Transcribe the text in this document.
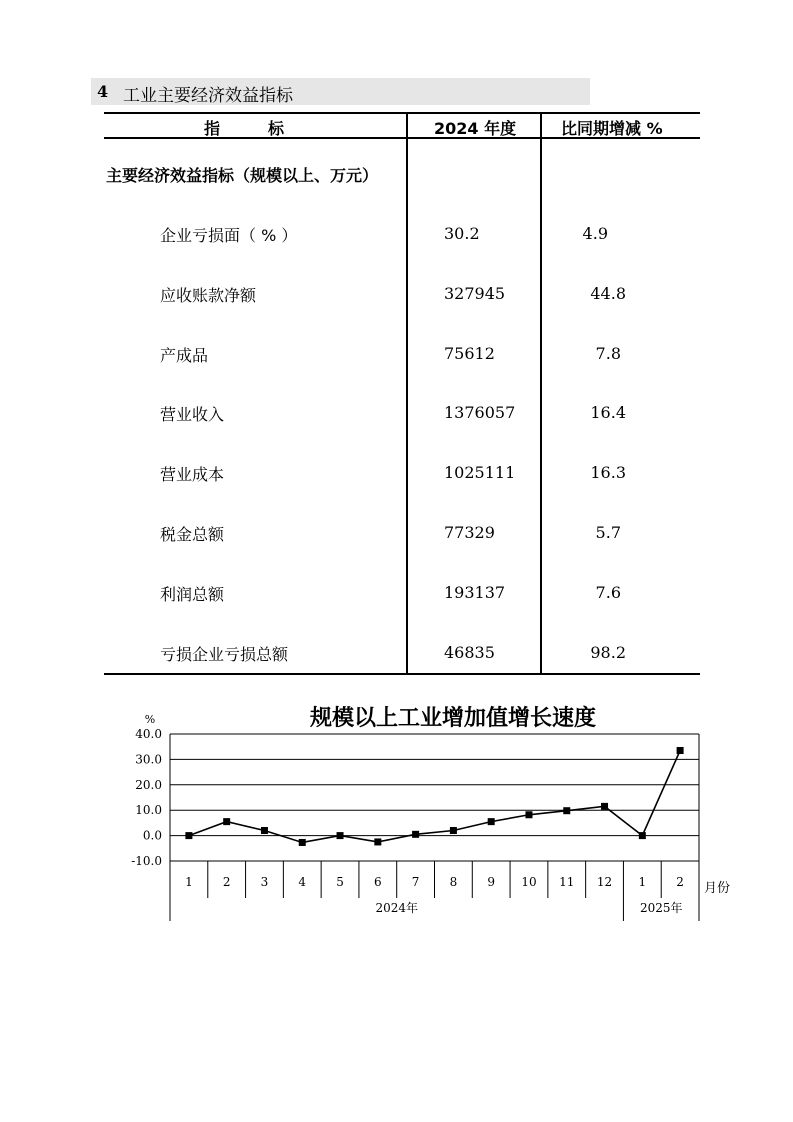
4 工业主要经济效益指标
指　　　标	2024 年度	比同期增减 %
主要经济效益指标（规模以上、万元）
企业亏损面（ % ）	30.2	4.9
应收账款净额	327945	44.8
产成品	75612	7.8
营业收入	1376057	16.4
营业成本	1025111	16.3
税金总额	77329	5.7
利润总额	193137	7.6
亏损企业亏损总额	46835	98.2
规模以上工业增加值增长速度
%
月份
40.0
30.0
20.0
10.0
0.0
-10.0
1	2	3	4	5	6	7	8	9 10 11 12 1	2
2024年	2025年
